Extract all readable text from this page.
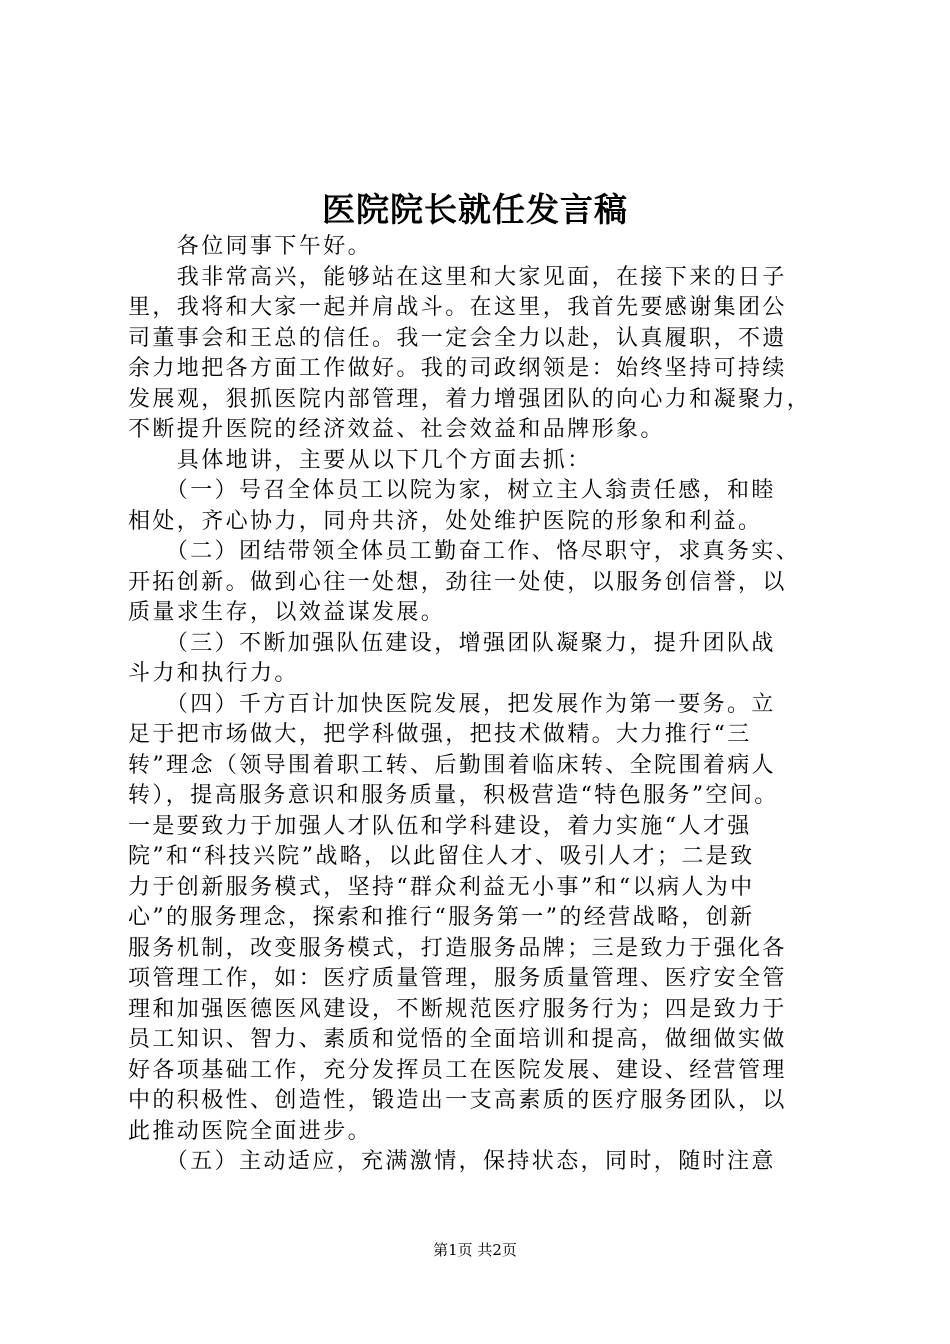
医院院长就任发言稿
　　各位同事下午好。
　　我非常高兴，能够站在这里和大家见面，在接下来的日子
里，我将和大家一起并肩战斗。在这里，我首先要感谢集团公
司董事会和王总的信任。我一定会全力以赴，认真履职，不遗
余力地把各方面工作做好。我的司政纲领是：始终坚持可持续
发展观，狠抓医院内部管理，着力增强团队的向心力和凝聚力，
不断提升医院的经济效益、社会效益和品牌形象。
　　具体地讲，主要从以下几个方面去抓：
　　（一）号召全体员工以院为家，树立主人翁责任感，和睦
相处，齐心协力，同舟共济，处处维护医院的形象和利益。
　　（二）团结带领全体员工勤奋工作、恪尽职守，求真务实、
开拓创新。做到心往一处想，劲往一处使，以服务创信誉，以
质量求生存，以效益谋发展。
　　（三）不断加强队伍建设，增强团队凝聚力，提升团队战
斗力和执行力。
　　（四）千方百计加快医院发展，把发展作为第一要务。立
足于把市场做大，把学科做强，把技术做精。大力推行“三
转”理念（领导围着职工转、后勤围着临床转、全院围着病人
转），提高服务意识和服务质量，积极营造“特色服务”空间。
一是要致力于加强人才队伍和学科建设，着力实施“人才强
院”和“科技兴院”战略，以此留住人才、吸引人才；二是致
力于创新服务模式，坚持“群众利益无小事”和“以病人为中
心”的服务理念，探索和推行“服务第一”的经营战略，创新
服务机制，改变服务模式，打造服务品牌；三是致力于强化各
项管理工作，如：医疗质量管理，服务质量管理、医疗安全管
理和加强医德医风建设，不断规范医疗服务行为；四是致力于
员工知识、智力、素质和觉悟的全面培训和提高，做细做实做
好各项基础工作，充分发挥员工在医院发展、建设、经营管理
中的积极性、创造性，锻造出一支高素质的医疗服务团队，以
此推动医院全面进步。
　　（五）主动适应，充满激情，保持状态，同时，随时注意
第1页 共2页
